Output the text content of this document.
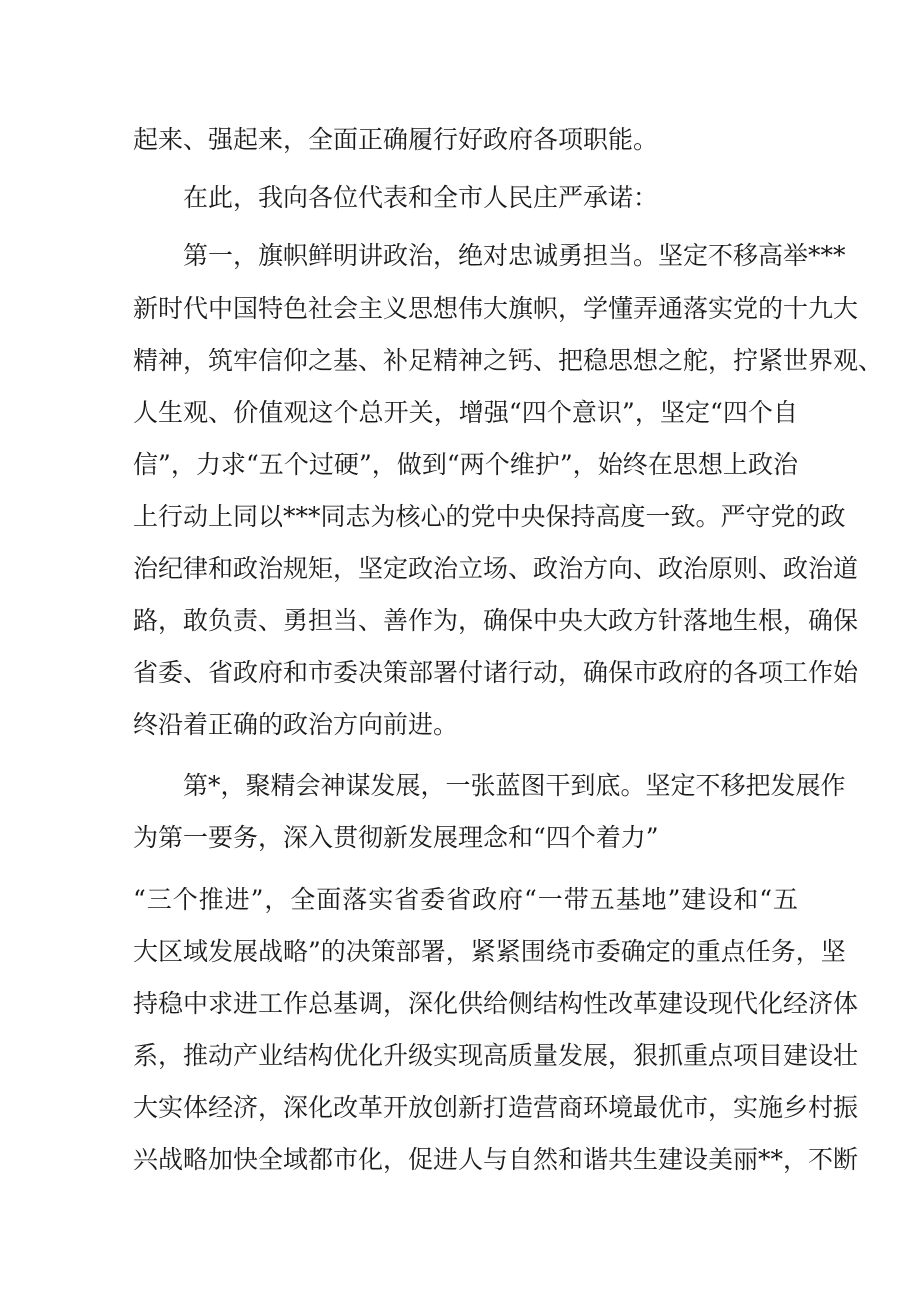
起来、强起来，全面正确履行好政府各项职能。
在此，我向各位代表和全市人民庄严承诺：
第一，旗帜鲜明讲政治，绝对忠诚勇担当。坚定不移高举***
新时代中国特色社会主义思想伟大旗帜，学懂弄通落实党的十九大
精神，筑牢信仰之基、补足精神之钙、把稳思想之舵，拧紧世界观、
人生观、价值观这个总开关，增强“四个意识”，坚定“四个自
信”，力求“五个过硬”，做到“两个维护”，始终在思想上政治
上行动上同以***同志为核心的党中央保持高度一致。严守党的政
治纪律和政治规矩，坚定政治立场、政治方向、政治原则、政治道
路，敢负责、勇担当、善作为，确保中央大政方针落地生根，确保
省委、省政府和市委决策部署付诸行动，确保市政府的各项工作始
终沿着正确的政治方向前进。
第*，聚精会神谋发展，一张蓝图干到底。坚定不移把发展作
为第一要务，深入贯彻新发展理念和“四个着力”
“三个推进”，全面落实省委省政府“一带五基地”建设和“五
大区域发展战略”的决策部署，紧紧围绕市委确定的重点任务，坚
持稳中求进工作总基调，深化供给侧结构性改革建设现代化经济体
系，推动产业结构优化升级实现高质量发展，狠抓重点项目建设壮
大实体经济，深化改革开放创新打造营商环境最优市，实施乡村振
兴战略加快全域都市化，促进人与自然和谐共生建设美丽**，不断
